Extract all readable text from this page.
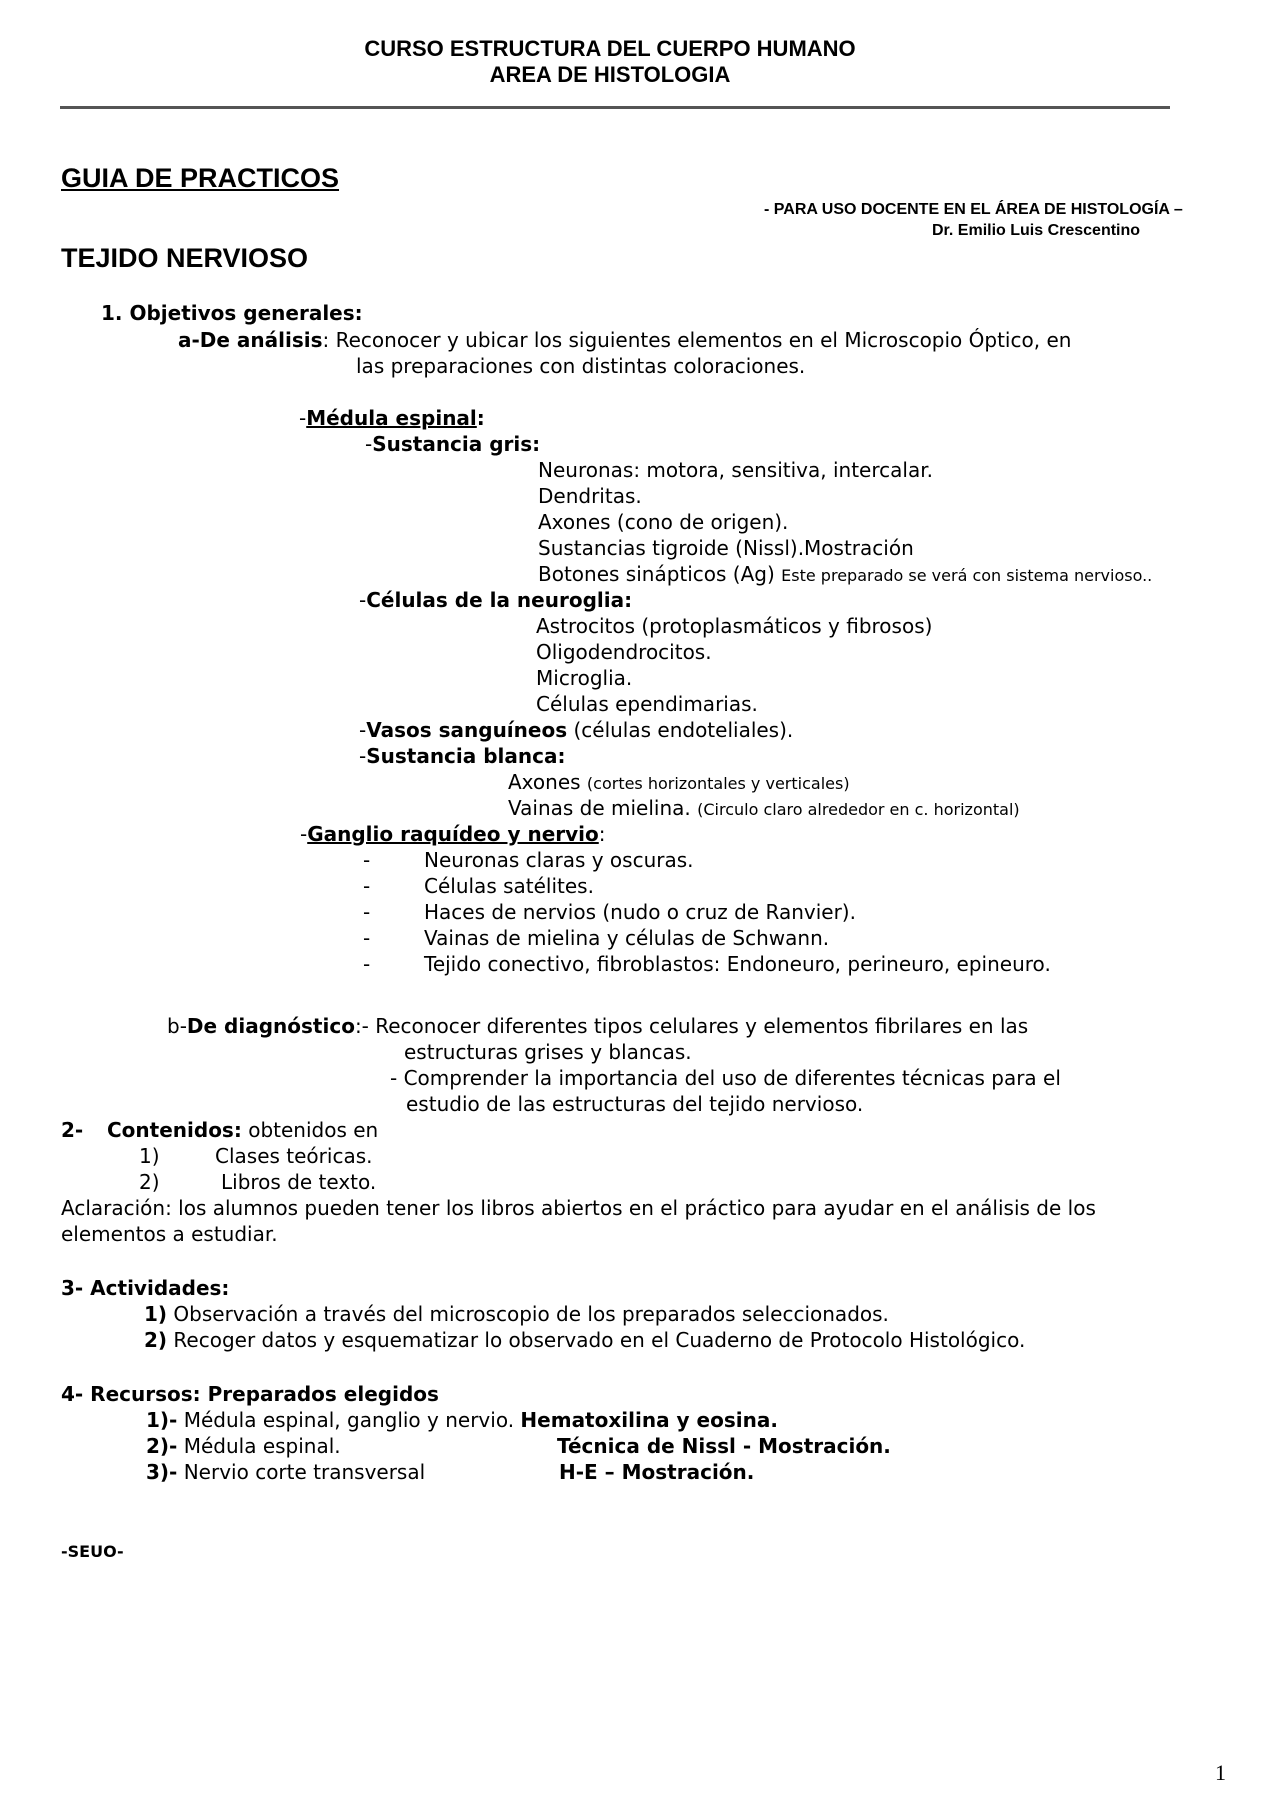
CURSO ESTRUCTURA DEL CUERPO HUMANO
AREA DE HISTOLOGIA
GUIA DE PRACTICOS
- PARA USO DOCENTE EN EL ÁREA DE HISTOLOGÍA –
Dr. Emilio Luis Crescentino
TEJIDO NERVIOSO
1. Objetivos generales:
a-De análisis: Reconocer y ubicar los siguientes elementos en el Microscopio Óptico, en
las preparaciones con distintas coloraciones.
-Médula espinal:
-Sustancia gris:
Neuronas: motora, sensitiva, intercalar.
Dendritas.
Axones (cono de origen).
Sustancias tigroide (Nissl).Mostración
Botones sinápticos (Ag) Este preparado se verá con sistema nervioso..
-Células de la neuroglia:
Astrocitos (protoplasmáticos y fibrosos)
Oligodendrocitos.
Microglia.
Células ependimarias.
-Vasos sanguíneos (células endoteliales).
-Sustancia blanca:
Axones (cortes horizontales y verticales)
Vainas de mielina. (Circulo claro alrededor en c. horizontal)
-Ganglio raquídeo y nervio:
-	Neuronas claras y oscuras.
-	Células satélites.
-	Haces de nervios (nudo o cruz de Ranvier).
-	Vainas de mielina y células de Schwann.
-	Tejido conectivo, fibroblastos: Endoneuro, perineuro, epineuro.
b-De diagnóstico:- Reconocer diferentes tipos celulares y elementos fibrilares en las
estructuras grises y blancas.
- Comprender la importancia del uso de diferentes técnicas para el
estudio de las estructuras del tejido nervioso.
2- Contenidos: obtenidos en
1)	Clases teóricas.
2)	Libros de texto.
Aclaración: los alumnos pueden tener los libros abiertos en el práctico para ayudar en el análisis de los
elementos a estudiar.
3- Actividades:
1) Observación a través del microscopio de los preparados seleccionados.
2) Recoger datos y esquematizar lo observado en el Cuaderno de Protocolo Histológico.
4- Recursos: Preparados elegidos
1)- Médula espinal, ganglio y nervio. Hematoxilina y eosina.
2)- Médula espinal.	Técnica de Nissl - Mostración.
3)- Nervio corte transversal	H-E – Mostración.
-SEUO-
1
